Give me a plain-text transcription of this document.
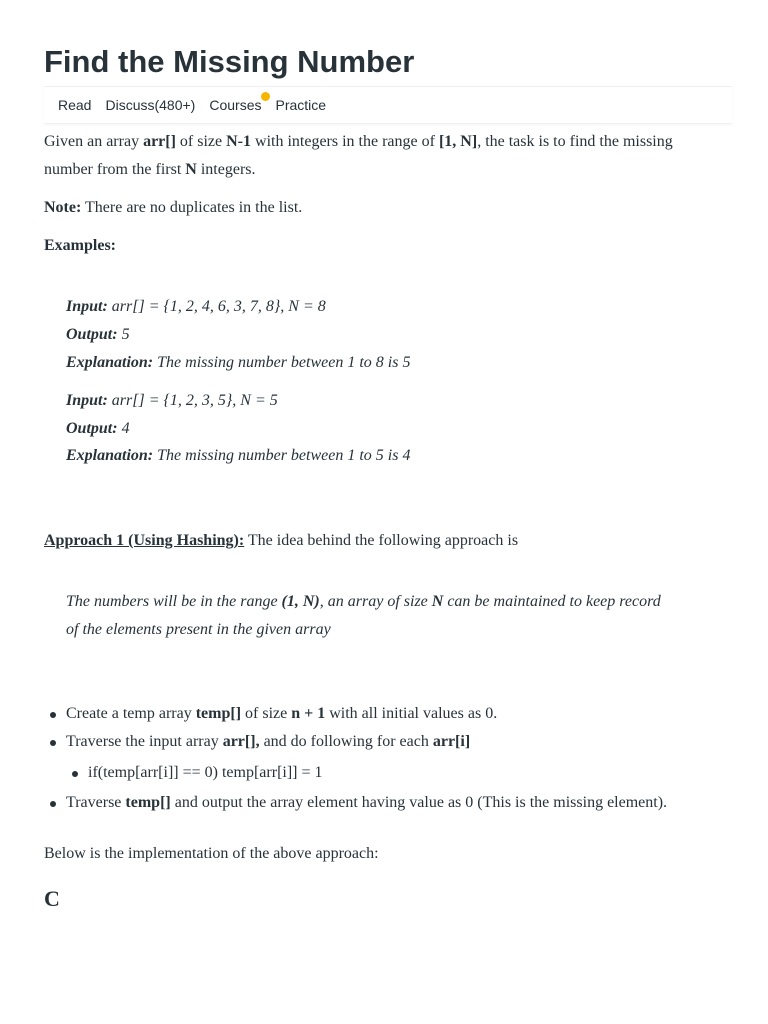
Find the Missing Number
Read	Discuss(480+)	Courses	Practice

Given an array arr[] of size N-1 with integers in the range of [1, N], the task is to find the missing
number from the first N integers.

Note: There are no duplicates in the list.

Examples:

Input: arr[] = {1, 2, 4, 6, 3, 7, 8}, N = 8
Output: 5
Explanation: The missing number between 1 to 8 is 5
Input: arr[] = {1, 2, 3, 5}, N = 5
Output: 4
Explanation: The missing number between 1 to 5 is 4

Approach 1 (Using Hashing): The idea behind the following approach is

The numbers will be in the range (1, N), an array of size N can be maintained to keep record
of the elements present in the given array
Create a temp array temp[] of size n + 1 with all initial values as 0.
Traverse the input array arr[], and do following for each arr[i]
if(temp[arr[i]] == 0) temp[arr[i]] = 1
Traverse temp[] and output the array element having value as 0 (This is the missing element).

Below is the implementation of the above approach:

C
